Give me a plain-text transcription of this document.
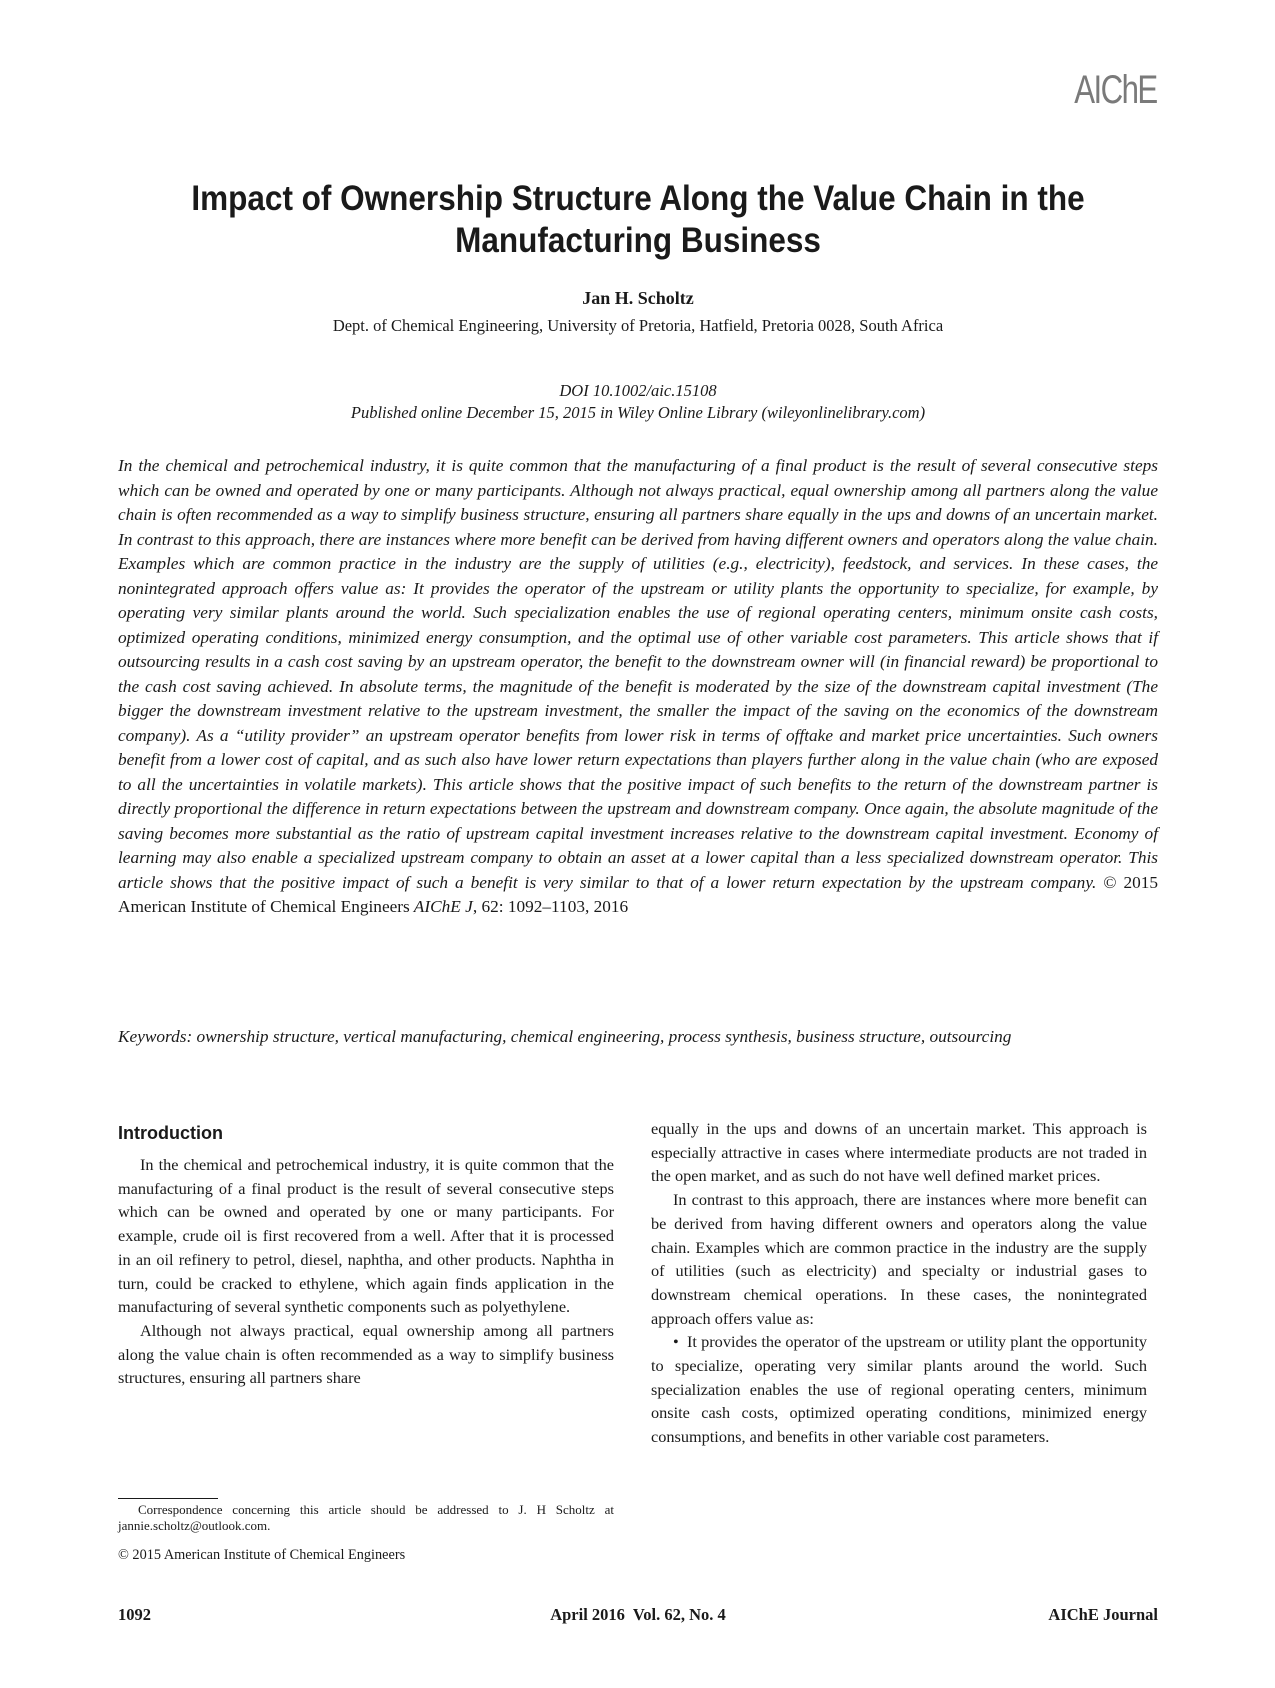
AIChE
Impact of Ownership Structure Along the Value Chain in the Manufacturing Business
Jan H. Scholtz
Dept. of Chemical Engineering, University of Pretoria, Hatfield, Pretoria 0028, South Africa
DOI 10.1002/aic.15108
Published online December 15, 2015 in Wiley Online Library (wileyonlinelibrary.com)

In the chemical and petrochemical industry, it is quite common that the manufacturing of a final product is the result of several consecutive steps which can be owned and operated by one or many participants. Although not always practical, equal ownership among all partners along the value chain is often recommended as a way to simplify business structure, ensuring all partners share equally in the ups and downs of an uncertain market. In contrast to this approach, there are instances where more benefit can be derived from having different owners and operators along the value chain. Examples which are common practice in the industry are the supply of utilities (e.g., electricity), feedstock, and services. In these cases, the nonintegrated approach offers value as: It provides the operator of the upstream or utility plants the opportunity to specialize, for example, by operating very similar plants around the world. Such specialization enables the use of regional operating centers, minimum onsite cash costs, optimized operating conditions, minimized energy consumption, and the optimal use of other variable cost parameters. This article shows that if outsourcing results in a cash cost saving by an upstream operator, the benefit to the downstream owner will (in financial reward) be proportional to the cash cost saving achieved. In absolute terms, the magnitude of the benefit is moderated by the size of the downstream capital investment (The bigger the downstream investment relative to the upstream investment, the smaller the impact of the saving on the economics of the downstream company). As a “utility provider” an upstream operator benefits from lower risk in terms of offtake and market price uncertainties. Such owners benefit from a lower cost of capital, and as such also have lower return expectations than players further along in the value chain (who are exposed to all the uncertainties in volatile markets). This article shows that the positive impact of such benefits to the return of the downstream partner is directly proportional the difference in return expectations between the upstream and downstream company. Once again, the absolute magnitude of the saving becomes more substantial as the ratio of upstream capital investment increases relative to the downstream capital investment. Economy of learning may also enable a specialized upstream company to obtain an asset at a lower capital than a less specialized downstream operator. This article shows that the positive impact of such a benefit is very similar to that of a lower return expectation by the upstream company. © 2015 American Institute of Chemical Engineers AIChE J, 62: 1092–1103, 2016

Keywords: ownership structure, vertical manufacturing, chemical engineering, process synthesis, business structure, outsourcing

Introduction

In the chemical and petrochemical industry, it is quite common that the manufacturing of a final product is the result of several consecutive steps which can be owned and operated by one or many participants. For example, crude oil is first recovered from a well. After that it is processed in an oil refinery to petrol, diesel, naphtha, and other products. Naphtha in turn, could be cracked to ethylene, which again finds application in the manufacturing of several synthetic components such as polyethylene.

Although not always practical, equal ownership among all partners along the value chain is often recommended as a way to simplify business structures, ensuring all partners share

equally in the ups and downs of an uncertain market. This approach is especially attractive in cases where intermediate products are not traded in the open market, and as such do not have well defined market prices.

In contrast to this approach, there are instances where more benefit can be derived from having different owners and operators along the value chain. Examples which are common practice in the industry are the supply of utilities (such as electricity) and specialty or industrial gases to downstream chemical operations. In these cases, the nonintegrated approach offers value as:

• It provides the operator of the upstream or utility plant the opportunity to specialize, operating very similar plants around the world. Such specialization enables the use of regional operating centers, minimum onsite cash costs, optimized operating conditions, minimized energy consumptions, and benefits in other variable cost parameters.

Correspondence concerning this article should be addressed to J. H Scholtz at jannie.scholtz@outlook.com.

© 2015 American Institute of Chemical Engineers
1092	April 2016  Vol. 62, No. 4	AIChE Journal
